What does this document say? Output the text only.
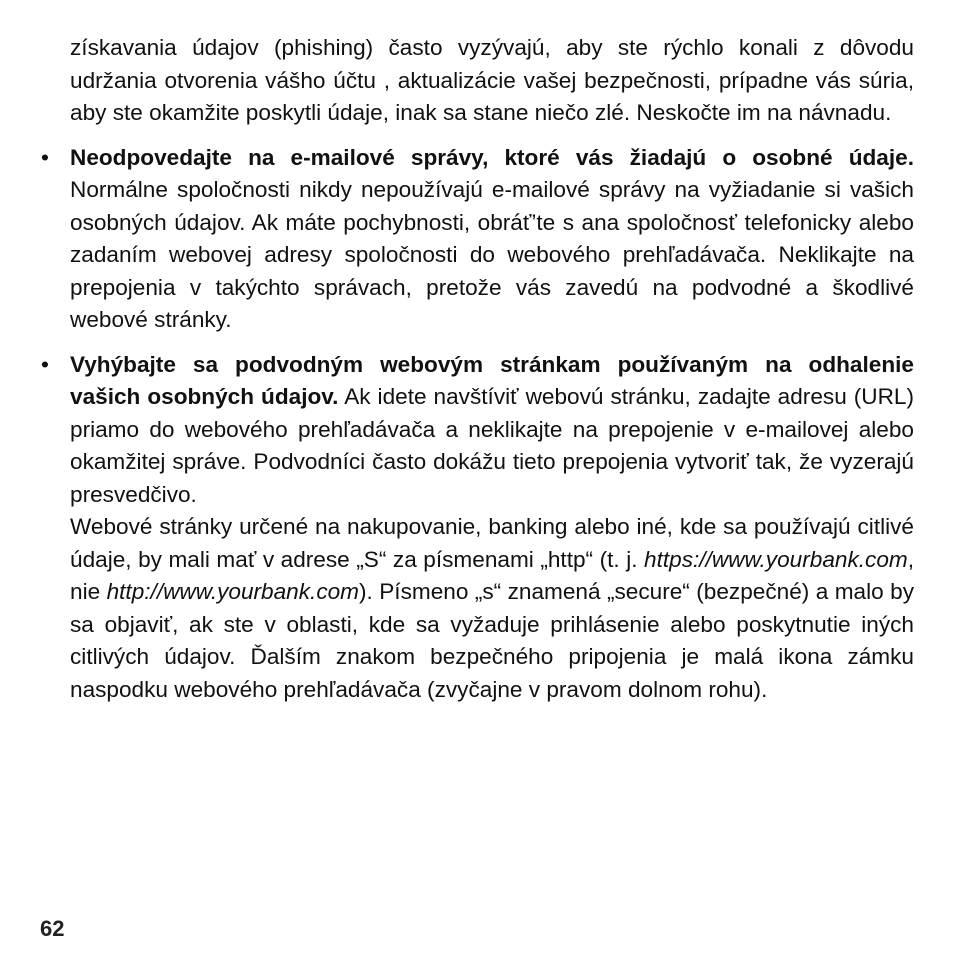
získavania údajov (phishing) často vyzývajú, aby ste rýchlo konali z dôvodu udržania otvorenia vášho účtu , aktualizácie vašej bezpečnosti, prípadne vás súria, aby ste okamžite poskytli údaje, inak sa stane niečo zlé. Neskočte im na návnadu.

• Neodpovedajte na e-mailové správy, ktoré vás žiadajú o osobné údaje. Normálne spoločnosti nikdy nepoužívajú e-mailové správy na vyžiadanie si vašich osobných údajov. Ak máte pochybnosti, obráť’te s ana spoločnosť telefonicky alebo zadaním webovej adresy spoločnosti do webového prehľadávača. Neklikajte na prepojenia v takýchto správach, pretože vás zavedú na podvodné a škodlivé webové stránky.

• Vyhýbajte sa podvodným webovým stránkam používaným na odhalenie vašich osobných údajov. Ak idete navštíviť webovú stránku, zadajte adresu (URL) priamo do webového prehľadávača a neklikajte na prepojenie v e-mailovej alebo okamžitej správe. Podvodníci často dokážu tieto prepojenia vytvoriť tak, že vyzerajú presvedčivo.

Webové stránky určené na nakupovanie, banking alebo iné, kde sa používajú citlivé údaje, by mali mať v adrese „S“ za písmenami „http“ (t. j. https://www.yourbank.com, nie http://www.yourbank.com). Písmeno „s“ znamená „secure“ (bezpečné) a malo by sa objaviť, ak ste v oblasti, kde sa vyžaduje prihlásenie alebo poskytnutie iných citlivých údajov. Ďalším znakom bezpečného pripojenia je malá ikona zámku naspodku webového prehľadávača (zvyčajne v pravom dolnom rohu).

62
